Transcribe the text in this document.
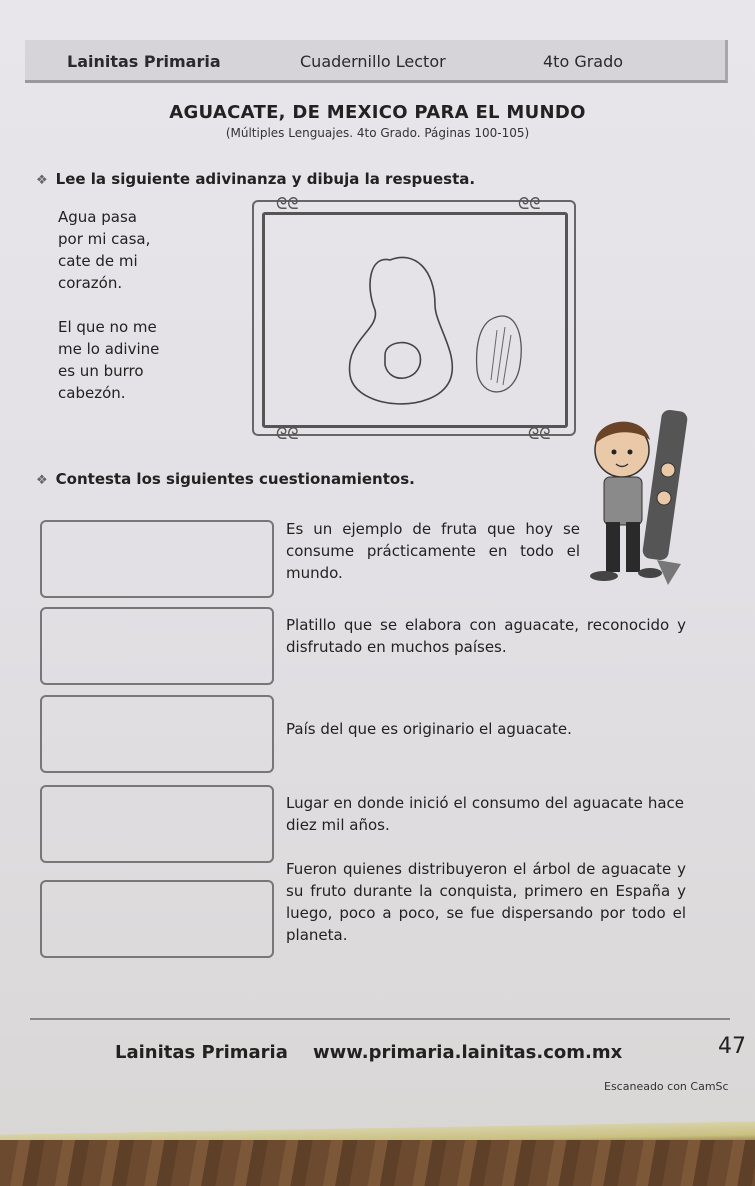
Lainitas Primaria	Cuadernillo Lector	4to Grado
AGUACATE, DE MEXICO PARA EL MUNDO
(Múltiples Lenguajes. 4to Grado. Páginas 100-105)
❖ Lee la siguiente adivinanza y dibuja la respuesta.
Agua pasa
por mi casa,
cate de mi
corazón.
El que no me
me lo adivine
es un burro
cabezón.
ᘓᘓ	ᘓᘓ
ᘓᘓ	ᘓᘓ
❖ Contesta los siguientes cuestionamientos.
Es un ejemplo de fruta que hoy se consume prácticamente en todo el mundo.
Platillo que se elabora con aguacate, reconocido y disfrutado en muchos países.
País del que es originario el aguacate.
Lugar en donde inició el consumo del aguacate hace diez mil años.
Fueron quienes distribuyeron el árbol de aguacate y su fruto durante la conquista, primero en España y luego, poco a poco, se fue dispersando por todo el planeta.
Lainitas Primaria www.primaria.lainitas.com.mx	47
Escaneado con CamSc
